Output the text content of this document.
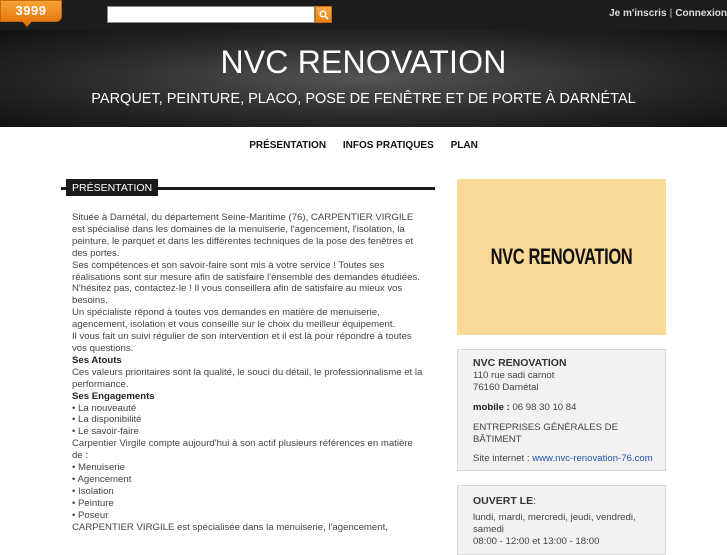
3999	Je m'inscris | Connexion
NVC RENOVATION
PARQUET, PEINTURE, PLACO, POSE DE FENÊTRE ET DE PORTE À DARNÉTAL
PRÉSENTATION INFOS PRATIQUES PLAN
PRÉSENTATION

Située à Darnétal, du département Seine-Maritime (76), CARPENTIER VIRGILE est spécialisé dans les domaines de la menuiserie, l'agencement, l'isolation, la peinture, le parquet et dans les différentes techniques de la pose des fenêtres et des portes.

Ses compétences et son savoir-faire sont mis à votre service ! Toutes ses réalisations sont sur mesure afin de satisfaire l'ensemble des demandes étudiées.

N'hésitez pas, contactez-le ! Il vous conseillera afin de satisfaire au mieux vos besoins.

Un spécialiste répond à toutes vos demandes en matière de menuiserie, agencement, isolation et vous conseille sur le choix du meilleur équipement.

Il vous fait un suivi régulier de son intervention et il est là pour répondre à toutes vos questions.

Ses Atouts

Ces valeurs prioritaires sont la qualité, le souci du détail, le professionnalisme et la performance.

Ses Engagements

• La nouveauté

• La disponibilité

• Le savoir-faire

Carpentier Virgile compte aujourd'hui à son actif plusieurs références en matière de :

• Menuiserie

• Agencement

• Isolation

• Peinture

• Poseur

CARPENTIER VIRGILE est spécialisée dans la menuiserie, l'agencement,

NVC RENOVATION
NVC RENOVATION
110 rue sadi carnot
76160 Darnétal
mobile : 06 98 30 10 84
ENTREPRISES GÉNÉRALES DE BÂTIMENT
Site internet : www.nvc-renovation-76.com
OUVERT LE:
lundi, mardi, mercredi, jeudi, vendredi, samedi
08:00 - 12:00 et 13:00 - 18:00
